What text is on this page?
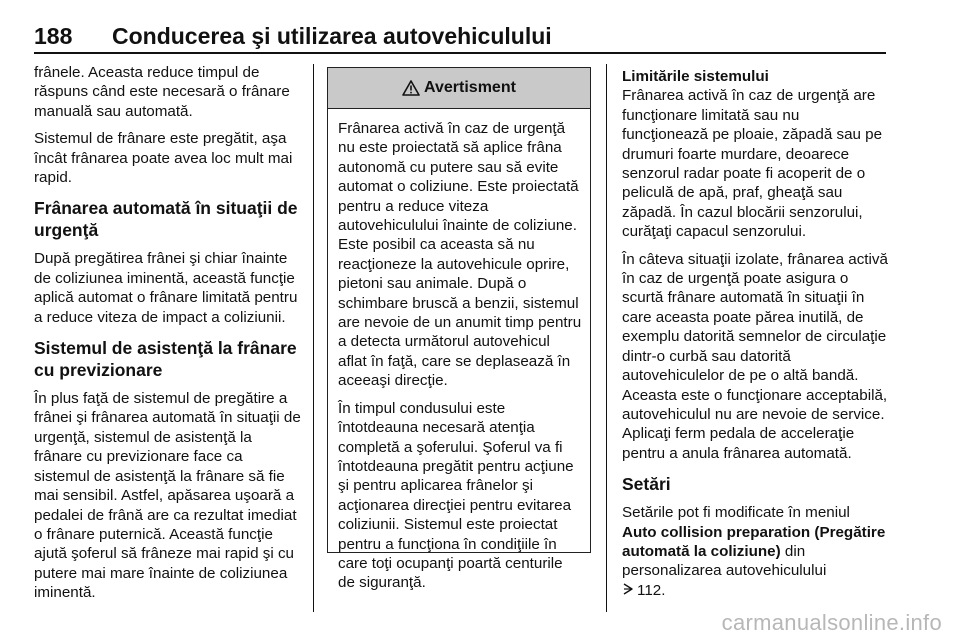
188 Conducerea şi utilizarea autovehiculului

frânele. Aceasta reduce timpul de răspuns când este necesară o frânare manuală sau automată.

Sistemul de frânare este pregătit, aşa încât frânarea poate avea loc mult mai rapid.

Frânarea automată în situaţii de urgenţă

După pregătirea frânei şi chiar înainte de coliziunea iminentă, această funcţie aplică automat o frânare limitată pentru a reduce viteza de impact a coliziunii.

Sistemul de asistenţă la frânare cu previzionare

În plus faţă de sistemul de pregătire a frânei şi frânarea automată în situaţii de urgenţă, sistemul de asistenţă la frânare cu previzionare face ca sistemul de asistenţă la frânare să fie mai sensibil. Astfel, apăsarea uşoară a pedalei de frână are ca rezultat imediat o frânare puternică. Această funcţie ajută şoferul să frâneze mai rapid şi cu putere mai mare înainte de coliziunea iminentă.

Avertisment

Frânarea activă în caz de urgenţă nu este proiectată să aplice frâna autonomă cu putere sau să evite automat o coliziune. Este proiectată pentru a reduce viteza autovehiculului înainte de coliziune. Este posibil ca aceasta să nu reacţioneze la autovehicule oprire, pietoni sau animale. După o schimbare bruscă a benzii, sistemul are nevoie de un anumit timp pentru a detecta următorul autovehicul aflat în faţă, care se deplasează în aceeaşi direcţie.

În timpul condusului este întotdeauna necesară atenţia completă a şoferului. Şoferul va fi întotdeauna pregătit pentru acţiune şi pentru aplicarea frânelor şi acţionarea direcţiei pentru evitarea coliziunii. Sistemul este proiectat pentru a funcţiona în condiţiile în care toţi ocupanţi poartă centurile de siguranţă.

Limitările sistemului

Frânarea activă în caz de urgenţă are funcţionare limitată sau nu funcţionează pe ploaie, zăpadă sau pe drumuri foarte murdare, deoarece senzorul radar poate fi acoperit de o peliculă de apă, praf, gheaţă sau zăpadă. În cazul blocării senzorului, curăţaţi capacul senzorului.

În câteva situaţii izolate, frânarea activă în caz de urgenţă poate asigura o scurtă frânare automată în situaţii în care aceasta poate părea inutilă, de exemplu datorită semnelor de circulaţie dintr-o curbă sau datorită autovehiculelor de pe o altă bandă. Aceasta este o funcţionare acceptabilă, autovehiculul nu are nevoie de service. Aplicaţi ferm pedala de acceleraţie pentru a anula frânarea automată.

Setări

Setările pot fi modificate în meniul Auto collision preparation (Pregătire automată la coliziune) din personalizarea autovehiculului
112.

carmanualsonline.info
